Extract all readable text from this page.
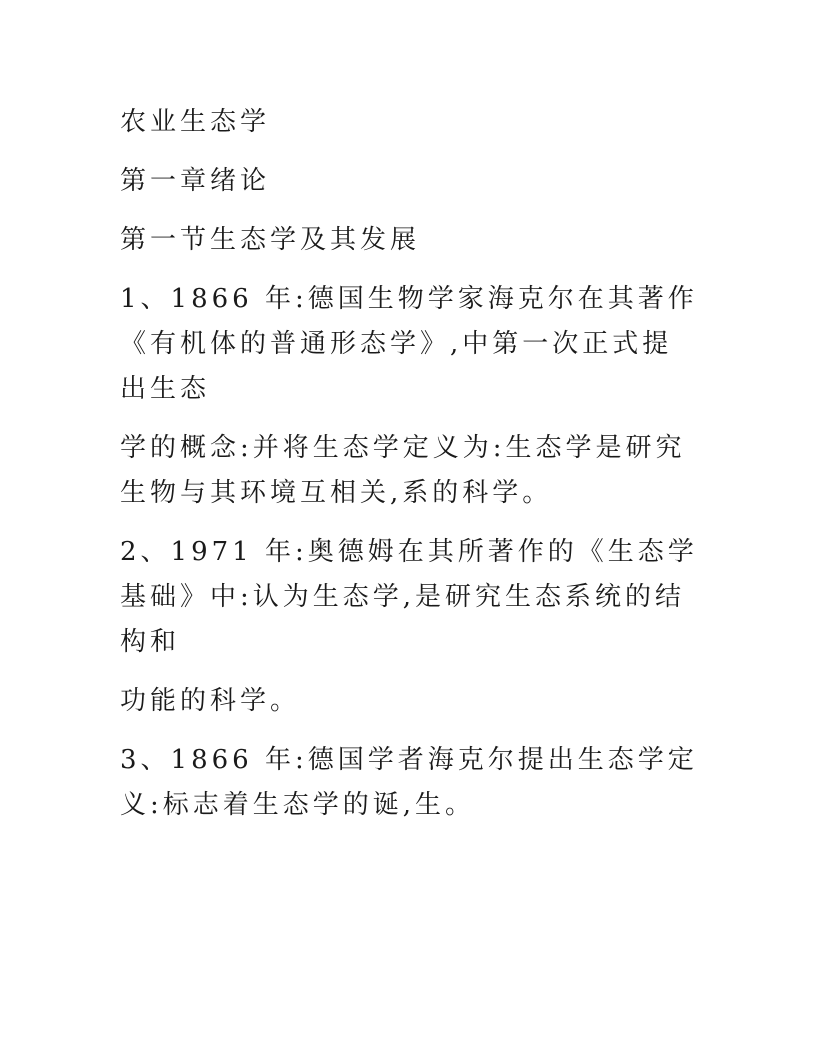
农业生态学

第一章绪论

第一节生态学及其发展

1、1866 年:德国生物学家海克尔在其著作
《有机体的普通形态学》,中第一次正式提
出生态

学的概念:并将生态学定义为:生态学是研究
生物与其环境互相关,系的科学。

2、1971 年:奥德姆在其所著作的《生态学
基础》中:认为生态学,是研究生态系统的结
构和

功能的科学。

3、1866 年:德国学者海克尔提出生态学定
义:标志着生态学的诞,生。
